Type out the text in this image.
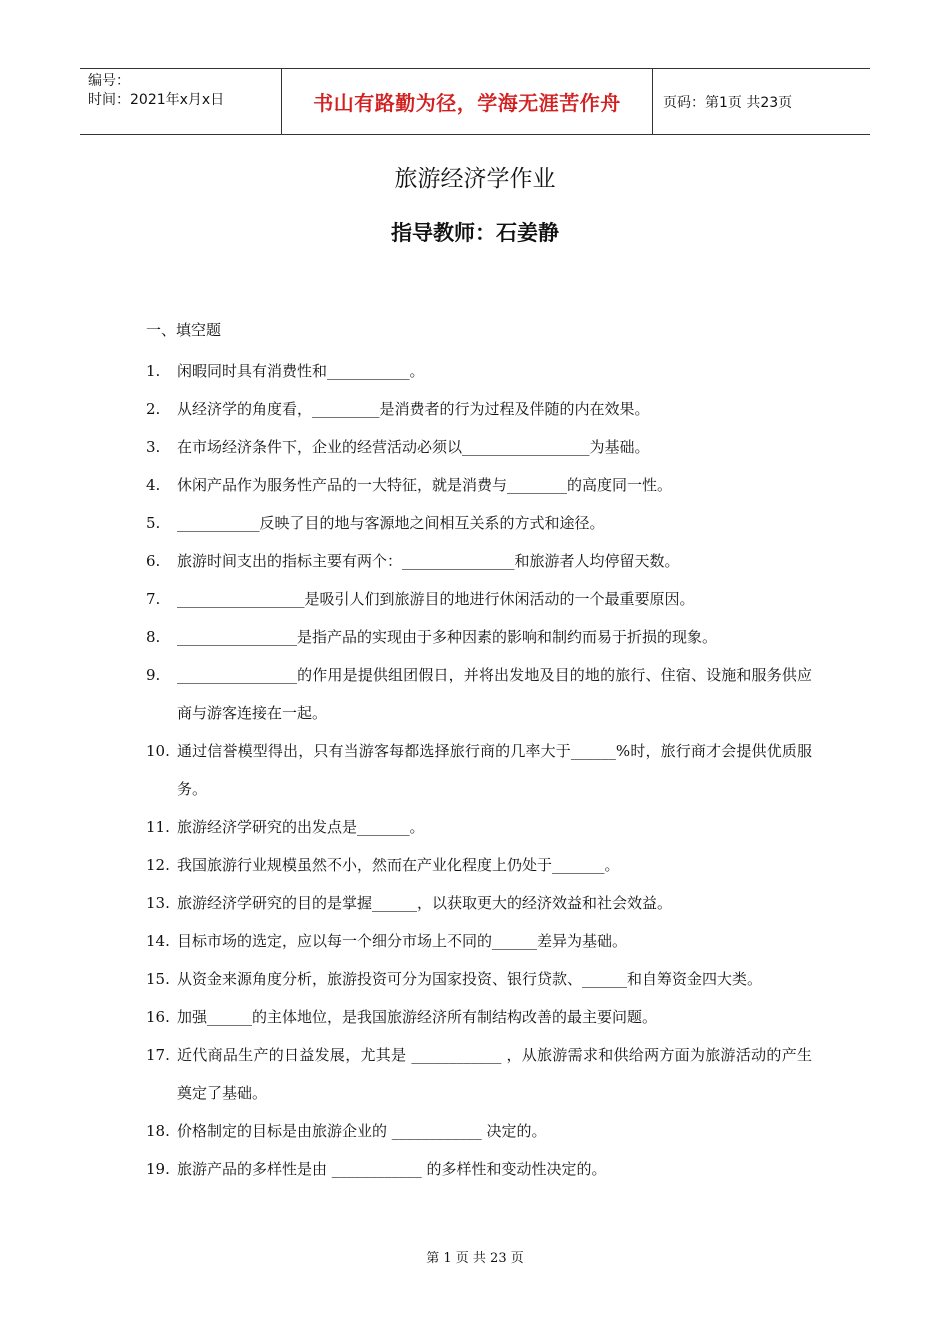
编号：
时间：2021年x月x日	书山有路勤为径，学海无涯苦作舟	页码：第1页 共23页
旅游经济学作业
指导教师：石姜静
一、填空题
1.	闲暇同时具有消费性和___________。
2.	从经济学的角度看，_________是消费者的行为过程及伴随的内在效果。
3.	在市场经济条件下，企业的经营活动必须以_________________为基础。
4.	休闲产品作为服务性产品的一大特征，就是消费与________的高度同一性。
5.	___________反映了目的地与客源地之间相互关系的方式和途径。
6.	旅游时间支出的指标主要有两个：_______________和旅游者人均停留天数。
7.	_________________是吸引人们到旅游目的地进行休闲活动的一个最重要原因。
8.	________________是指产品的实现由于多种因素的影响和制约而易于折损的现象。
9.	________________的作用是提供组团假日，并将出发地及目的地的旅行、住宿、设施和服务供应商与游客连接在一起。
10. 通过信誉模型得出，只有当游客每都选择旅行商的几率大于______%时，旅行商才会提供优质服务。
11. 旅游经济学研究的出发点是_______。
12. 我国旅游行业规模虽然不小，然而在产业化程度上仍处于_______。
13. 旅游经济学研究的目的是掌握______，以获取更大的经济效益和社会效益。
14. 目标市场的选定，应以每一个细分市场上不同的______差异为基础。
15. 从资金来源角度分析，旅游投资可分为国家投资、银行贷款、______和自筹资金四大类。
16. 加强______的主体地位，是我国旅游经济所有制结构改善的最主要问题。
17. 近代商品生产的日益发展，尤其是 ____________ ，从旅游需求和供给两方面为旅游活动的产生奠定了基础。
18. 价格制定的目标是由旅游企业的 ____________ 决定的。
19. 旅游产品的多样性是由 ____________ 的多样性和变动性决定的。
第 1 页 共 23 页
